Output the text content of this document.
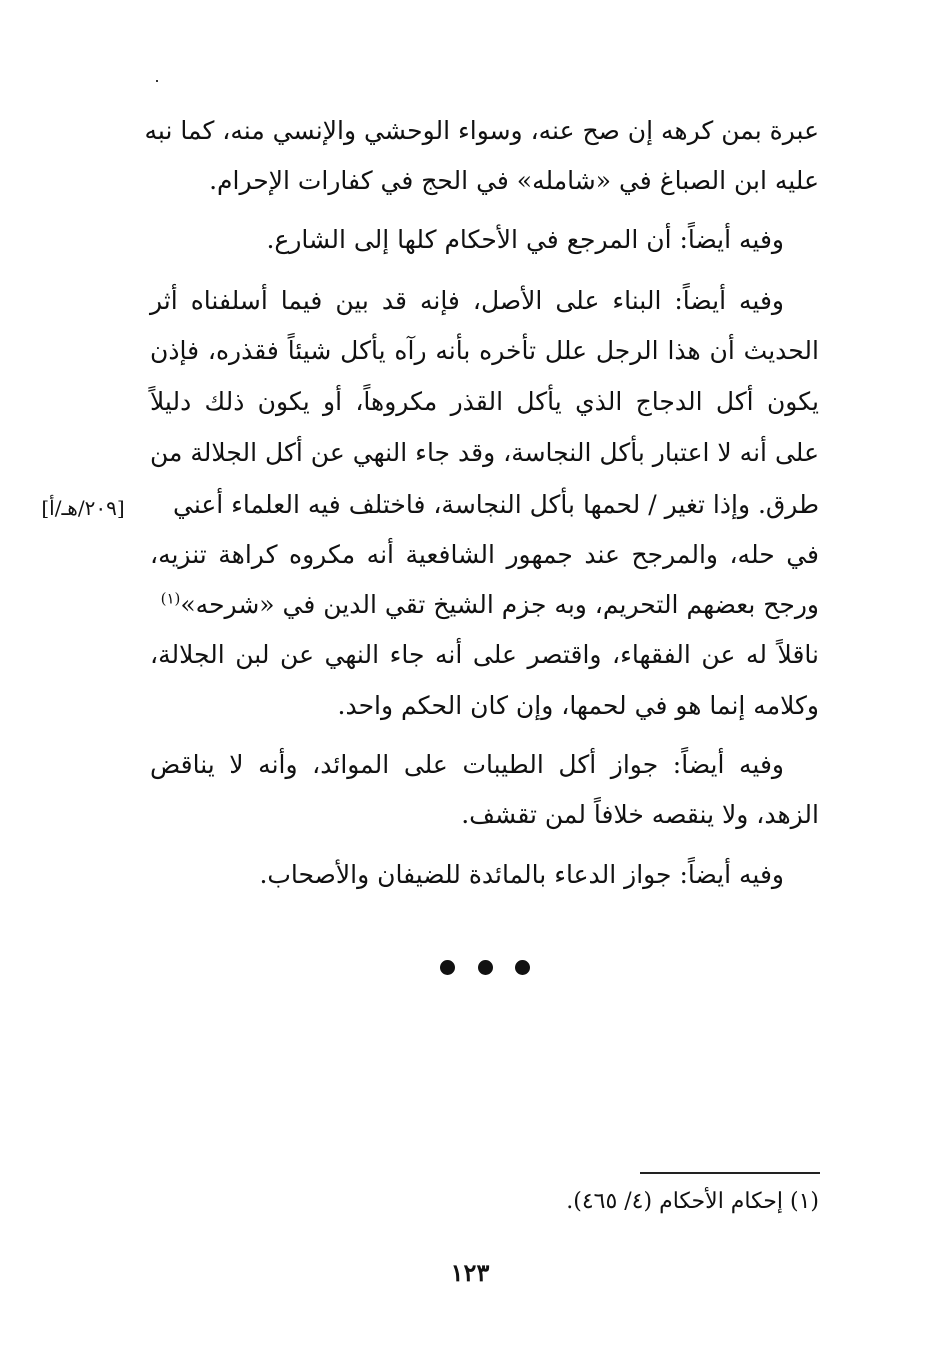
عبرة بمن كرهه إن صح عنه، وسواء الوحشي والإنسي منه، كما نبه
عليه ابن الصباغ في «شامله» في الحج في كفارات الإحرام.
وفيه أيضاً: أن المرجع في الأحكام كلها إلى الشارع.
وفيه أيضاً: البناء على الأصل، فإنه قد بين فيما أسلفناه أثر
الحديث أن هذا الرجل علل تأخره بأنه رآه يأكل شيئاً فقذره، فإذن
يكون أكل الدجاج الذي يأكل القذر مكروهاً، أو يكون ذلك دليلاً
على أنه لا اعتبار بأكل النجاسة، وقد جاء النهي عن أكل الجلالة من
طرق. وإذا تغير / لحمها بأكل النجاسة، فاختلف فيه العلماء أعني
[٢٠٩/هـ/أ]
في حله، والمرجح عند جمهور الشافعية أنه مكروه كراهة تنزيه،
ورجح بعضهم التحريم، وبه جزم الشيخ تقي الدين في «شرحه»$^{(١)}$
ناقلاً له عن الفقهاء، واقتصر على أنه جاء النهي عن لبن الجلالة،
وكلامه إنما هو في لحمها، وإن كان الحكم واحد.
وفيه أيضاً: جواز أكل الطيبات على الموائد، وأنه لا يناقض
الزهد، ولا ينقصه خلافاً لمن تقشف.
وفيه أيضاً: جواز الدعاء بالمائدة للضيفان والأصحاب.
(١) إحكام الأحكام (٤/ ٤٦٥).
١٢٣
